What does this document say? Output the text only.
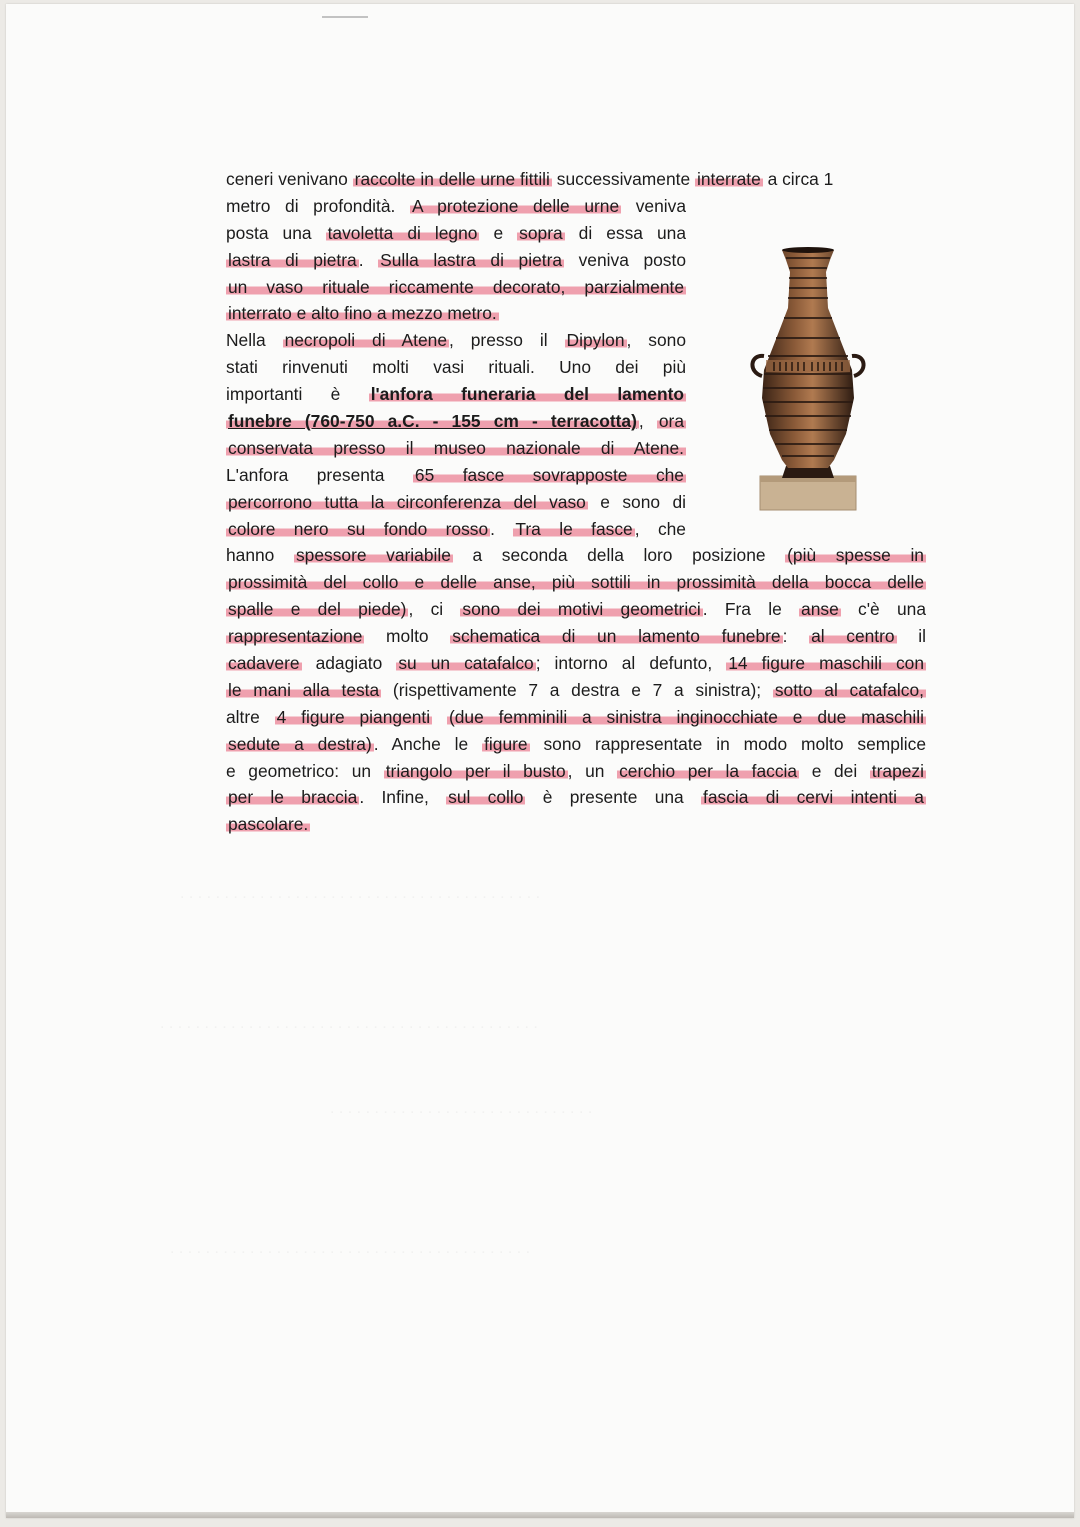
. . . . . . . . . . . . . . . . . . . . . . . . . . . . . . . . . . . . . . . . .
. . . . . . . . . . . . . . . . . . . . . . . . . . . . . . . . . . . . . . . . . . .
. . . . . . . . . . . . . . . . . . . . . . . . . . . . . .
. . . . . . . . . . . . . . . . . . . . . . . . . . . . . . . . . . . . . . . . .
ceneri venivano raccolte in delle urne fittili successivamente interrate a circa 1
metro di profondità. A protezione delle urne veniva
posta una tavoletta di legno e sopra di essa una
lastra di pietra . Sulla lastra di pietra veniva posto
un vaso rituale riccamente decorato, parzialmente
interrato e alto fino a mezzo metro.
Nella necropoli di Atene , presso il Dipylon , sono
stati rinvenuti molti vasi rituali. Uno dei più
importanti è l'anfora funeraria del lamento
funebre (760-750 a.C. - 155 cm - terracotta) , ora
conservata presso il museo nazionale di Atene.
L'anfora presenta 65 fasce sovrapposte che
percorrono tutta la circonferenza del vaso e sono di
colore nero su fondo rosso . Tra le fasce , che
hanno spessore variabile a seconda della loro posizione (più spesse in
prossimità del collo e delle anse, più sottili in prossimità della bocca delle
spalle e del piede) , ci sono dei motivi geometrici . Fra le anse c'è una
rappresentazione molto schematica di un lamento funebre : al centro il
cadavere adagiato su un catafalco ; intorno al defunto, 14 figure maschili con
le mani alla testa (rispettivamente 7 a destra e 7 a sinistra); sotto al catafalco,
altre 4 figure piangenti (due femminili a sinistra inginocchiate e due maschili
sedute a destra) . Anche le figure sono rappresentate in modo molto semplice
e geometrico: un triangolo per il busto , un cerchio per la faccia e dei trapezi
per le braccia . Infine, sul collo è presente una fascia di cervi intenti a
pascolare.
